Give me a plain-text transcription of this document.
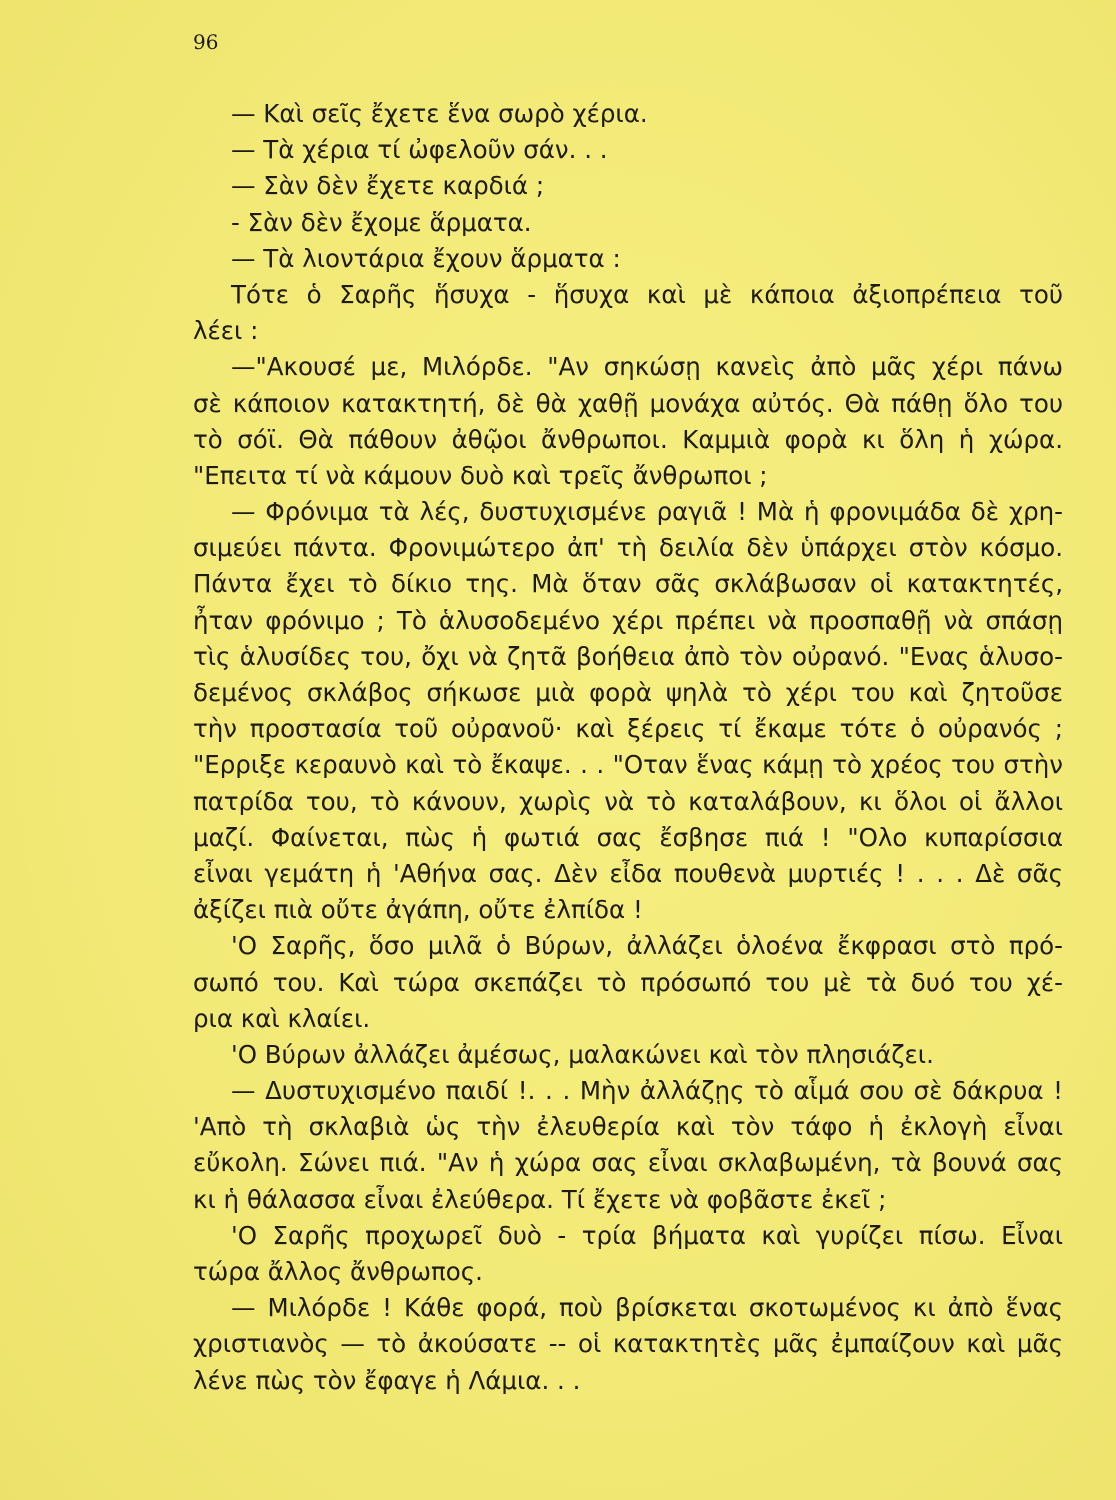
96
— Καὶ σεῖς ἔχετε ἕνα σωρὸ χέρια.
— Τὰ χέρια τί ὠφελοῦν σάν. . .
— Σὰν δὲν ἔχετε καρδιά ;
- Σὰν δὲν ἔχομε ἅρματα.
— Τὰ λιοντάρια ἔχουν ἅρματα :
Τότε ὁ Σαρῆς ἥσυχα - ἥσυχα καὶ μὲ κάποια ἀξιοπρέπεια τοῦ
λέει :
—"Ακουσέ με, Μιλόρδε. "Αν σηκώσῃ κανεὶς ἀπὸ μᾶς χέρι πάνω
σὲ κάποιον κατακτητή, δὲ θὰ χαθῇ μονάχα αὐτός. Θὰ πάθῃ ὅλο του
τὸ σόϊ. Θὰ πάθουν ἀθῷοι ἄνθρωποι. Καμμιὰ φορὰ κι ὅλη ἡ χώρα.
"Επειτα τί νὰ κάμουν δυὸ καὶ τρεῖς ἄνθρωποι ;
— Φρόνιμα τὰ λές, δυστυχισμένε ραγιᾶ ! Μὰ ἡ φρονιμάδα δὲ χρη-
σιμεύει πάντα. Φρονιμώτερο ἀπ' τὴ δειλία δὲν ὑπάρχει στὸν κόσμο.
Πάντα ἔχει τὸ δίκιο της. Μὰ ὅταν σᾶς σκλάβωσαν οἱ κατακτητές,
ἦταν φρόνιμο ; Τὸ ἁλυσοδεμένο χέρι πρέπει νὰ προσπαθῇ νὰ σπάσῃ
τὶς ἁλυσίδες του, ὄχι νὰ ζητᾶ βοήθεια ἀπὸ τὸν οὐρανό. "Ενας ἁλυσο-
δεμένος σκλάβος σήκωσε μιὰ φορὰ ψηλὰ τὸ χέρι του καὶ ζητοῦσε
τὴν προστασία τοῦ οὐρανοῦ· καὶ ξέρεις τί ἔκαμε τότε ὁ οὐρανός ;
"Ερριξε κεραυνὸ καὶ τὸ ἔκαψε. . . "Οταν ἕνας κάμῃ τὸ χρέος του στὴν
πατρίδα του, τὸ κάνουν, χωρὶς νὰ τὸ καταλάβουν, κι ὅλοι οἱ ἄλλοι
μαζί. Φαίνεται, πὼς ἡ φωτιά σας ἔσβησε πιά ! "Ολο κυπαρίσσια
εἶναι γεμάτη ἡ 'Αθήνα σας. Δὲν εἶδα πουθενὰ μυρτιές ! . . . Δὲ σᾶς
ἀξίζει πιὰ οὔτε ἀγάπη, οὔτε ἐλπίδα !
'Ο Σαρῆς, ὅσο μιλᾶ ὁ Βύρων, ἀλλάζει ὁλοένα ἔκφρασι στὸ πρό-
σωπό του. Καὶ τώρα σκεπάζει τὸ πρόσωπό του μὲ τὰ δυό του χέ-
ρια καὶ κλαίει.
'Ο Βύρων ἀλλάζει ἀμέσως, μαλακώνει καὶ τὸν πλησιάζει.
— Δυστυχισμένο παιδί !. . . Μὴν ἀλλάζῃς τὸ αἷμά σου σὲ δάκρυα !
'Απὸ τὴ σκλαβιὰ ὡς τὴν ἐλευθερία καὶ τὸν τάφο ἡ ἐκλογὴ εἶναι
εὔκολη. Σώνει πιά. "Αν ἡ χώρα σας εἶναι σκλαβωμένη, τὰ βουνά σας
κι ἡ θάλασσα εἶναι ἐλεύθερα. Τί ἔχετε νὰ φοβᾶστε ἐκεῖ ;
'Ο Σαρῆς προχωρεῖ δυὸ - τρία βήματα καὶ γυρίζει πίσω. Εἶναι
τώρα ἄλλος ἄνθρωπος.
— Μιλόρδε ! Κάθε φορά, ποὺ βρίσκεται σκοτωμένος κι ἀπὸ ἕνας
χριστιανὸς — τὸ ἀκούσατε -- οἱ κατακτητὲς μᾶς ἐμπαίζουν καὶ μᾶς
λένε πὼς τὸν ἔφαγε ἡ Λάμια. . .
